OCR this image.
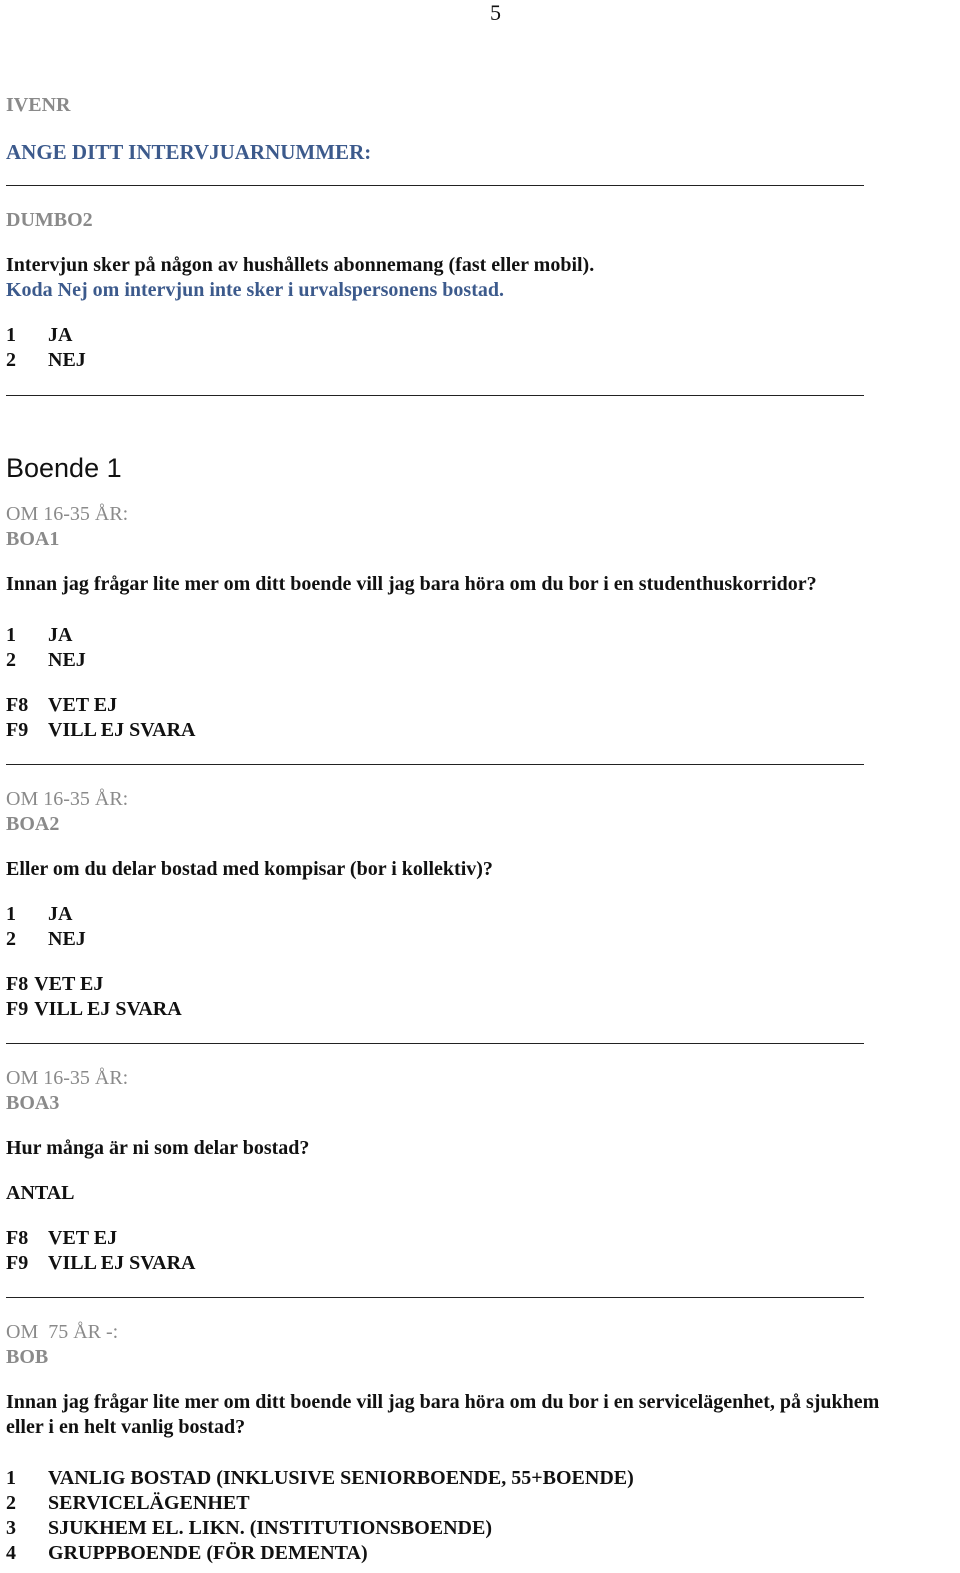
5
IVENR
ANGE DITT INTERVJUARNUMMER:
DUMBO2
Intervjun sker på någon av hushållets abonnemang (fast eller mobil).
Koda Nej om intervjun inte sker i urvalspersonens bostad.
1 JA
2 NEJ
Boende 1
OM 16-35 ÅR:
BOA1
Innan jag frågar lite mer om ditt boende vill jag bara höra om du bor i en studenthuskorridor?
1 JA
2 NEJ
F8 VET EJ
F9 VILL EJ SVARA
OM 16-35 ÅR:
BOA2
Eller om du delar bostad med kompisar (bor i kollektiv)?
1 JA
2 NEJ
F8 VET EJ
F9 VILL EJ SVARA
OM 16-35 ÅR:
BOA3
Hur många är ni som delar bostad?
ANTAL
F8 VET EJ
F9 VILL EJ SVARA
OM  75 ÅR -:
BOB
Innan jag frågar lite mer om ditt boende vill jag bara höra om du bor i en servicelägenhet, på sjukhem
eller i en helt vanlig bostad?
1 VANLIG BOSTAD (INKLUSIVE SENIORBOENDE, 55+BOENDE)
2 SERVICELÄGENHET
3 SJUKHEM EL. LIKN. (INSTITUTIONSBOENDE)
4 GRUPPBOENDE (FÖR DEMENTA)
